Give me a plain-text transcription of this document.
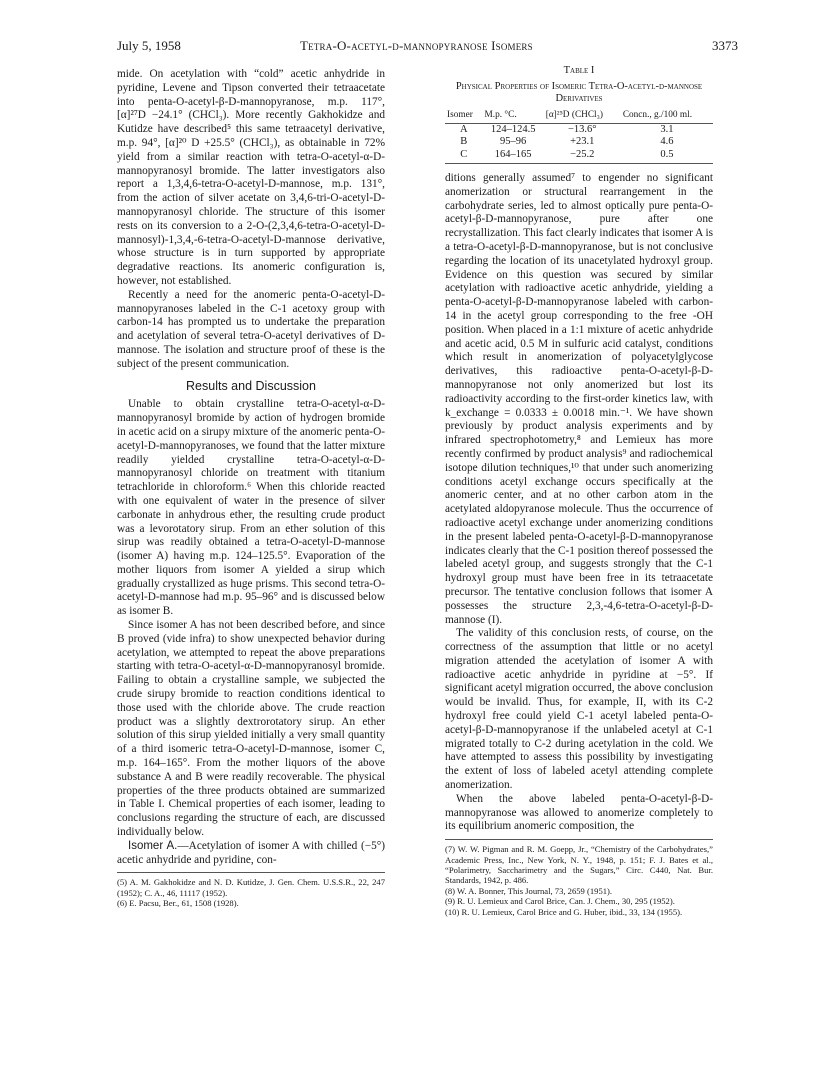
July 5, 1958	Tetra-O-acetyl-d-mannopyranose Isomers	3373

mide. On acetylation with “cold” acetic anhydride in pyridine, Levene and Tipson converted their tetraacetate into penta-O-acetyl-β-D-mannopyranose, m.p. 117°, [α]²⁷D −24.1° (CHCl₃). More recently Gakhokidze and Kutidze have described⁵ this same tetraacetyl derivative, m.p. 94°, [α]²⁰ D +25.5° (CHCl₃), as obtainable in 72% yield from a similar reaction with tetra-O-acetyl-α-D-mannopyranosyl bromide. The latter investigators also report a 1,3,4,6-tetra-O-acetyl-D-mannose, m.p. 131°, from the action of silver acetate on 3,4,6-tri-O-acetyl-D-mannopyranosyl chloride. The structure of this isomer rests on its conversion to a 2-O-(2,3,4,6-tetra-O-acetyl-D-mannosyl)-1,3,4,-6-tetra-O-acetyl-D-mannose derivative, whose structure is in turn supported by appropriate degradative reactions. Its anomeric configuration is, however, not established.

Recently a need for the anomeric penta-O-acetyl-D-mannopyranoses labeled in the C-1 acetoxy group with carbon-14 has prompted us to undertake the preparation and acetylation of several tetra-O-acetyl derivatives of D-mannose. The isolation and structure proof of these is the subject of the present communication.

Results and Discussion

Unable to obtain crystalline tetra-O-acetyl-α-D-mannopyranosyl bromide by action of hydrogen bromide in acetic acid on a sirupy mixture of the anomeric penta-O-acetyl-D-mannopyranoses, we found that the latter mixture readily yielded crystalline tetra-O-acetyl-α-D-mannopyranosyl chloride on treatment with titanium tetrachloride in chloroform.⁶ When this chloride reacted with one equivalent of water in the presence of silver carbonate in anhydrous ether, the resulting crude product was a levorotatory sirup. From an ether solution of this sirup was readily obtained a tetra-O-acetyl-D-mannose (isomer A) having m.p. 124–125.5°. Evaporation of the mother liquors from isomer A yielded a sirup which gradually crystallized as huge prisms. This second tetra-O-acetyl-D-mannose had m.p. 95–96° and is discussed below as isomer B.

Since isomer A has not been described before, and since B proved (vide infra) to show unexpected behavior during acetylation, we attempted to repeat the above preparations starting with tetra-O-acetyl-α-D-mannopyranosyl bromide. Failing to obtain a crystalline sample, we subjected the crude sirupy bromide to reaction conditions identical to those used with the chloride above. The crude reaction product was a slightly dextrorotatory sirup. An ether solution of this sirup yielded initially a very small quantity of a third isomeric tetra-O-acetyl-D-mannose, isomer C, m.p. 164–165°. From the mother liquors of the above substance A and B were readily recoverable. The physical properties of the three products obtained are summarized in Table I. Chemical properties of each isomer, leading to conclusions regarding the structure of each, are discussed individually below.

Isomer A.—Acetylation of isomer A with chilled (−5°) acetic anhydride and pyridine, con-

(5) A. M. Gakhokidze and N. D. Kutidze, J. Gen. Chem. U.S.S.R., 22, 247 (1952); C. A., 46, 11117 (1952).

(6) E. Pacsu, Ber., 61, 1508 (1928).

Table I
Physical Properties of Isomeric Tetra-O-acetyl-d-mannose Derivatives
Isomer	M.p. °C.	[α]²⁵D (CHCl₃)	Concn., g./100 ml.
A	124–124.5	−13.6°	3.1
B	95–96	+23.1	4.6
C	164–165	−25.2	0.5

ditions generally assumed⁷ to engender no significant anomerization or structural rearrangement in the carbohydrate series, led to almost optically pure penta-O-acetyl-β-D-mannopyranose, pure after one recrystallization. This fact clearly indicates that isomer A is a tetra-O-acetyl-β-D-mannopyranose, but is not conclusive regarding the location of its unacetylated hydroxyl group. Evidence on this question was secured by similar acetylation with radioactive acetic anhydride, yielding a penta-O-acetyl-β-D-mannopyranose labeled with carbon-14 in the acetyl group corresponding to the free -OH position. When placed in a 1:1 mixture of acetic anhydride and acetic acid, 0.5 M in sulfuric acid catalyst, conditions which result in anomerization of polyacetylglycose derivatives, this radioactive penta-O-acetyl-β-D-mannopyranose not only anomerized but lost its radioactivity according to the first-order kinetics law, with k_exchange = 0.0333 ± 0.0018 min.⁻¹. We have shown previously by product analysis experiments and by infrared spectrophotometry,⁸ and Lemieux has more recently confirmed by product analysis⁹ and radiochemical isotope dilution techniques,¹⁰ that under such anomerizing conditions acetyl exchange occurs specifically at the anomeric center, and at no other carbon atom in the acetylated aldopyranose molecule. Thus the occurrence of radioactive acetyl exchange under anomerizing conditions in the present labeled penta-O-acetyl-β-D-mannopyranose indicates clearly that the C-1 position thereof possessed the labeled acetyl group, and suggests strongly that the C-1 hydroxyl group must have been free in its tetraacetate precursor. The tentative conclusion follows that isomer A possesses the structure 2,3,-4,6-tetra-O-acetyl-β-D-mannose (I).

The validity of this conclusion rests, of course, on the correctness of the assumption that little or no acetyl migration attended the acetylation of isomer A with radioactive acetic anhydride in pyridine at −5°. If significant acetyl migration occurred, the above conclusion would be invalid. Thus, for example, II, with its C-2 hydroxyl free could yield C-1 acetyl labeled penta-O-acetyl-β-D-mannopyranose if the unlabeled acetyl at C-1 migrated totally to C-2 during acetylation in the cold. We have attempted to assess this possibility by investigating the extent of loss of labeled acetyl attending complete anomerization.

When the above labeled penta-O-acetyl-β-D-mannopyranose was allowed to anomerize completely to its equilibrium anomeric composition, the

(7) W. W. Pigman and R. M. Goepp, Jr., “Chemistry of the Carbohydrates,” Academic Press, Inc., New York, N. Y., 1948, p. 151; F. J. Bates et al., “Polarimetry, Saccharimetry and the Sugars,” Circ. C440, Nat. Bur. Standards, 1942, p. 486.

(8) W. A. Bonner, This Journal, 73, 2659 (1951).

(9) R. U. Lemieux and Carol Brice, Can. J. Chem., 30, 295 (1952).

(10) R. U. Lemieux, Carol Brice and G. Huber, ibid., 33, 134 (1955).
